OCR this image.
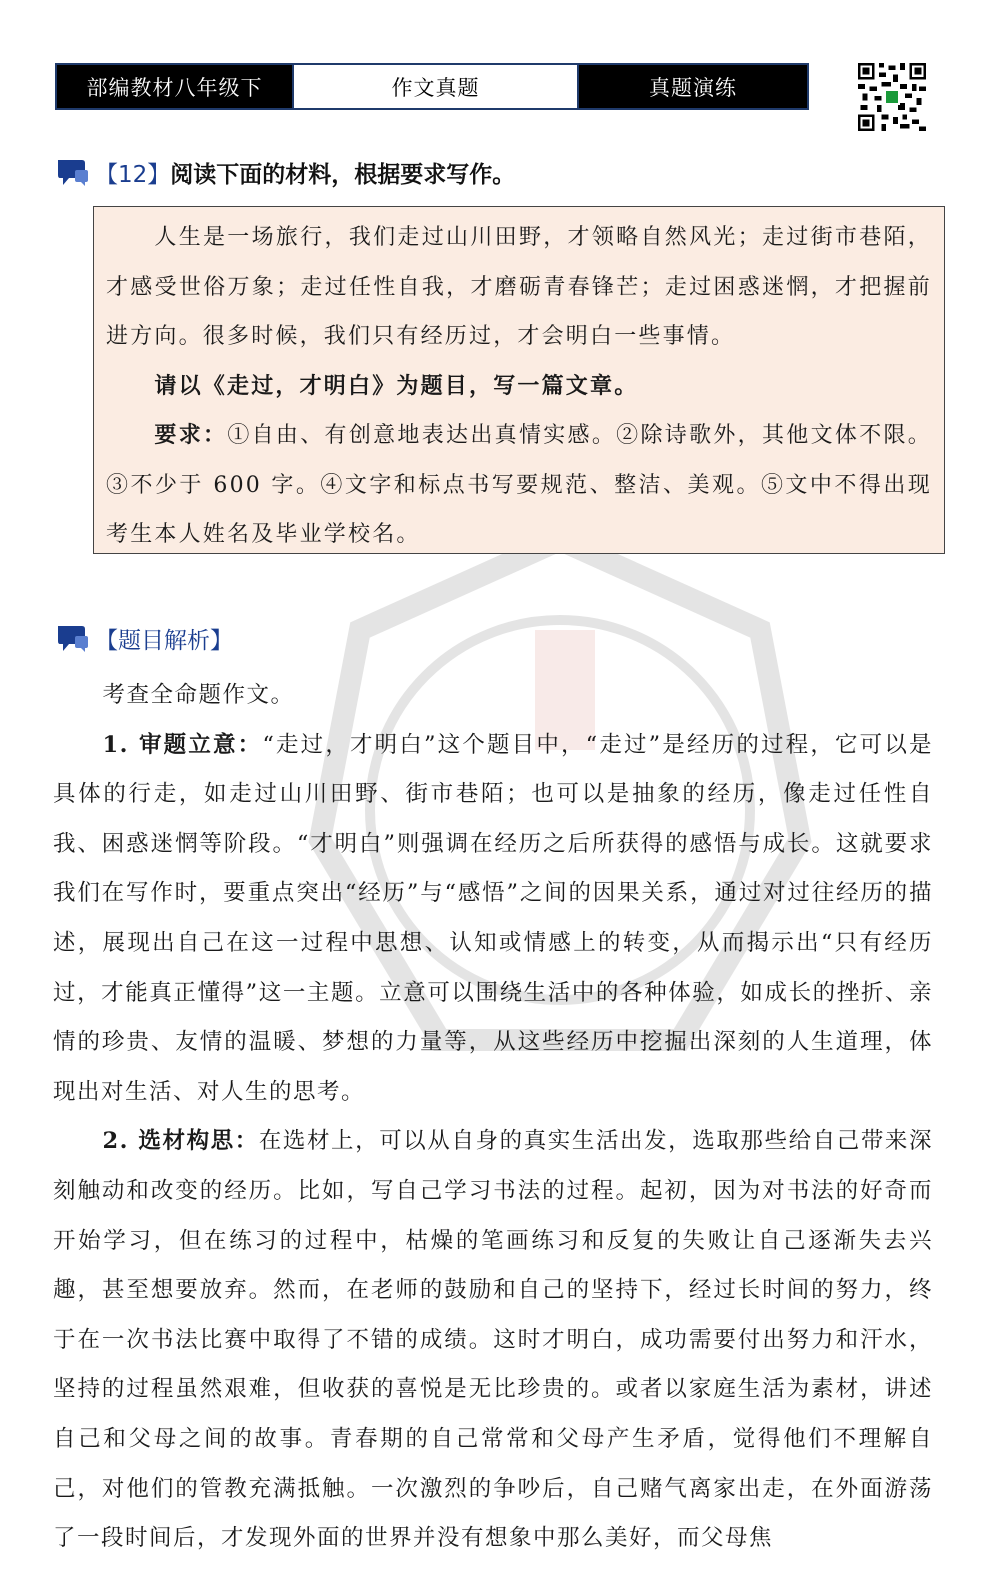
部编教材八年级下	作文真题	真题演练
【12】 阅读下面的材料，根据要求写作。

人生是一场旅行，我们走过山川田野，才领略自然风光；走过街市巷陌，才感受世俗万象；走过任性自我，才磨砺青春锋芒；走过困惑迷惘，才把握前进方向。很多时候，我们只有经历过，才会明白一些事情。

请以《走过，才明白》为题目，写一篇文章。

要求：①自由、有创意地表达出真情实感。②除诗歌外，其他文体不限。③不少于 600 字。④文字和标点书写要规范、整洁、美观。⑤文中不得出现考生本人姓名及毕业学校名。

【题目解析】

考查全命题作文。

1. 审题立意：“走过，才明白”这个题目中，“走过”是经历的过程，它可以是具体的行走，如走过山川田野、街市巷陌；也可以是抽象的经历，像走过任性自我、困惑迷惘等阶段。“才明白”则强调在经历之后所获得的感悟与成长。这就要求我们在写作时，要重点突出“经历”与“感悟”之间的因果关系，通过对过往经历的描述，展现出自己在这一过程中思想、认知或情感上的转变，从而揭示出“只有经历过，才能真正懂得”这一主题。立意可以围绕生活中的各种体验，如成长的挫折、亲情的珍贵、友情的温暖、梦想的力量等，从这些经历中挖掘出深刻的人生道理，体现出对生活、对人生的思考。

2. 选材构思：在选材上，可以从自身的真实生活出发，选取那些给自己带来深刻触动和改变的经历。比如，写自己学习书法的过程。起初，因为对书法的好奇而开始学习，但在练习的过程中，枯燥的笔画练习和反复的失败让自己逐渐失去兴趣，甚至想要放弃。然而，在老师的鼓励和自己的坚持下，经过长时间的努力，终于在一次书法比赛中取得了不错的成绩。这时才明白，成功需要付出努力和汗水，坚持的过程虽然艰难，但收获的喜悦是无比珍贵的。或者以家庭生活为素材，讲述自己和父母之间的故事。青春期的自己常常和父母产生矛盾，觉得他们不理解自己，对他们的管教充满抵触。一次激烈的争吵后，自己赌气离家出走，在外面游荡了一段时间后，才发现外面的世界并没有想象中那么美好，而父母焦
